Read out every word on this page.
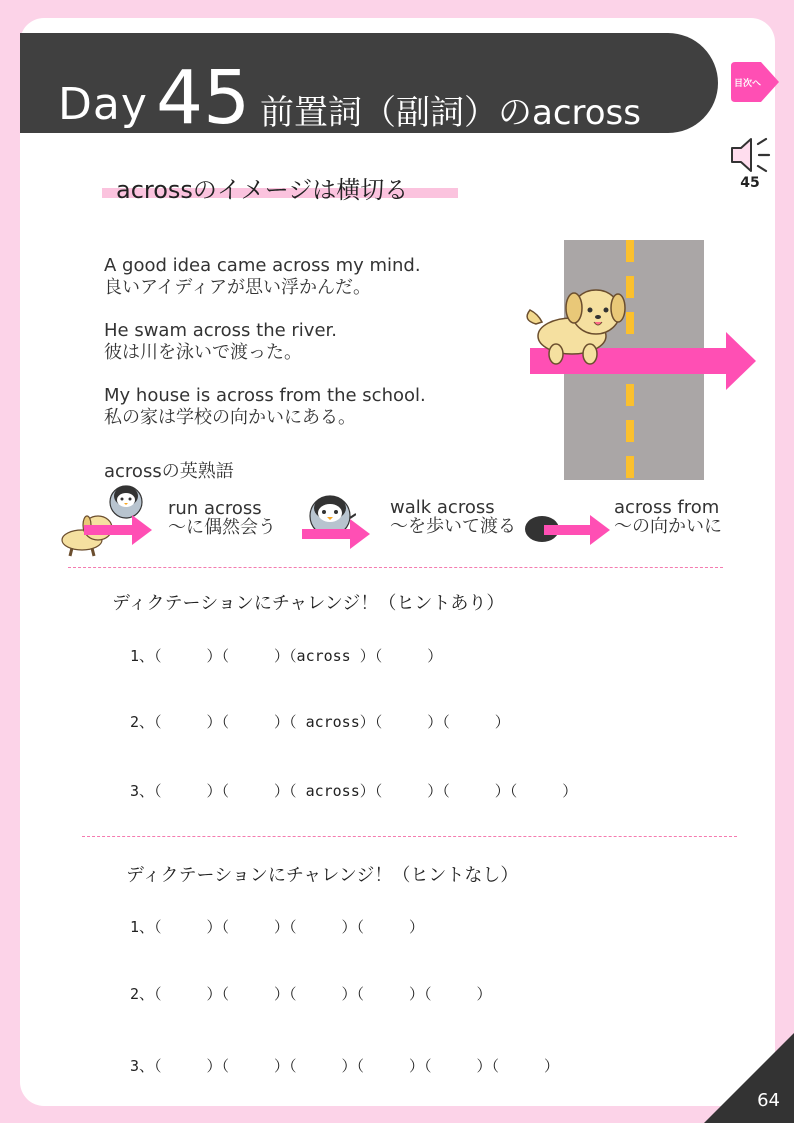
Day 45 前置詞（副詞）のacross
目次へ
45
acrossのイメージは横切る
A good idea came across my mind.
良いアイディアが思い浮かんだ。
He swam across the river.
彼は川を泳いで渡った。
My house is across from the school.
私の家は学校の向かいにある。
acrossの英熟語
run across
〜に偶然会う
walk across
〜を歩いて渡る
across from
〜の向かいに
ディクテーションにチャレンジ！（ヒントあり）
1、（　　　）（　　　）（across ）（　　　）
2、（　　　）（　　　）（ across）（　　　）（　　　）
3、（　　　）（　　　）（ across）（　　　）（　　　）（　　　）
ディクテーションにチャレンジ！（ヒントなし）
1、（　　　）（　　　）（　　　）（　　　）
2、（　　　）（　　　）（　　　）（　　　）（　　　）
3、（　　　）（　　　）（　　　）（　　　）（　　　）（　　　）
64
